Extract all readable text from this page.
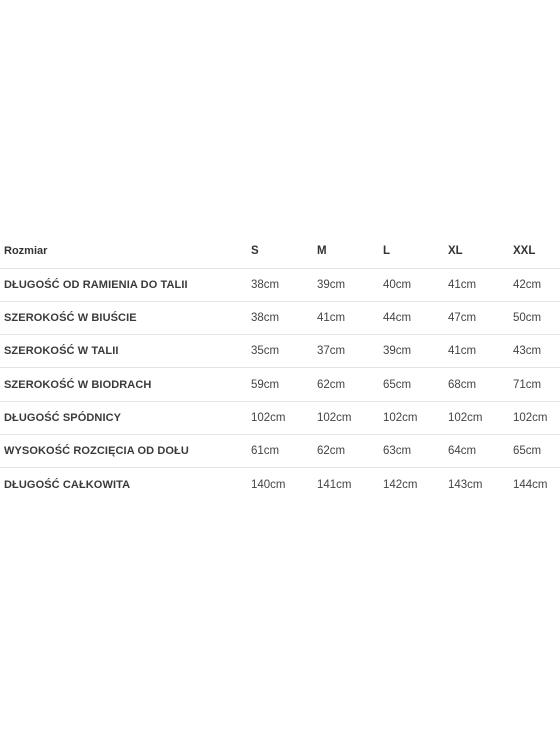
Rozmiar	S	M	L	XL	XXL
DŁUGOŚĆ OD RAMIENIA DO TALII	38cm	39cm	40cm	41cm	42cm
SZEROKOŚĆ W BIUŚCIE	38cm	41cm	44cm	47cm	50cm
SZEROKOŚĆ W TALII	35cm	37cm	39cm	41cm	43cm
SZEROKOŚĆ W BIODRACH	59cm	62cm	65cm	68cm	71cm
DŁUGOŚĆ SPÓDNICY	102cm	102cm	102cm	102cm	102cm
WYSOKOŚĆ ROZCIĘCIA OD DOŁU	61cm	62cm	63cm	64cm	65cm
DŁUGOŚĆ CAŁKOWITA	140cm	141cm	142cm	143cm	144cm
